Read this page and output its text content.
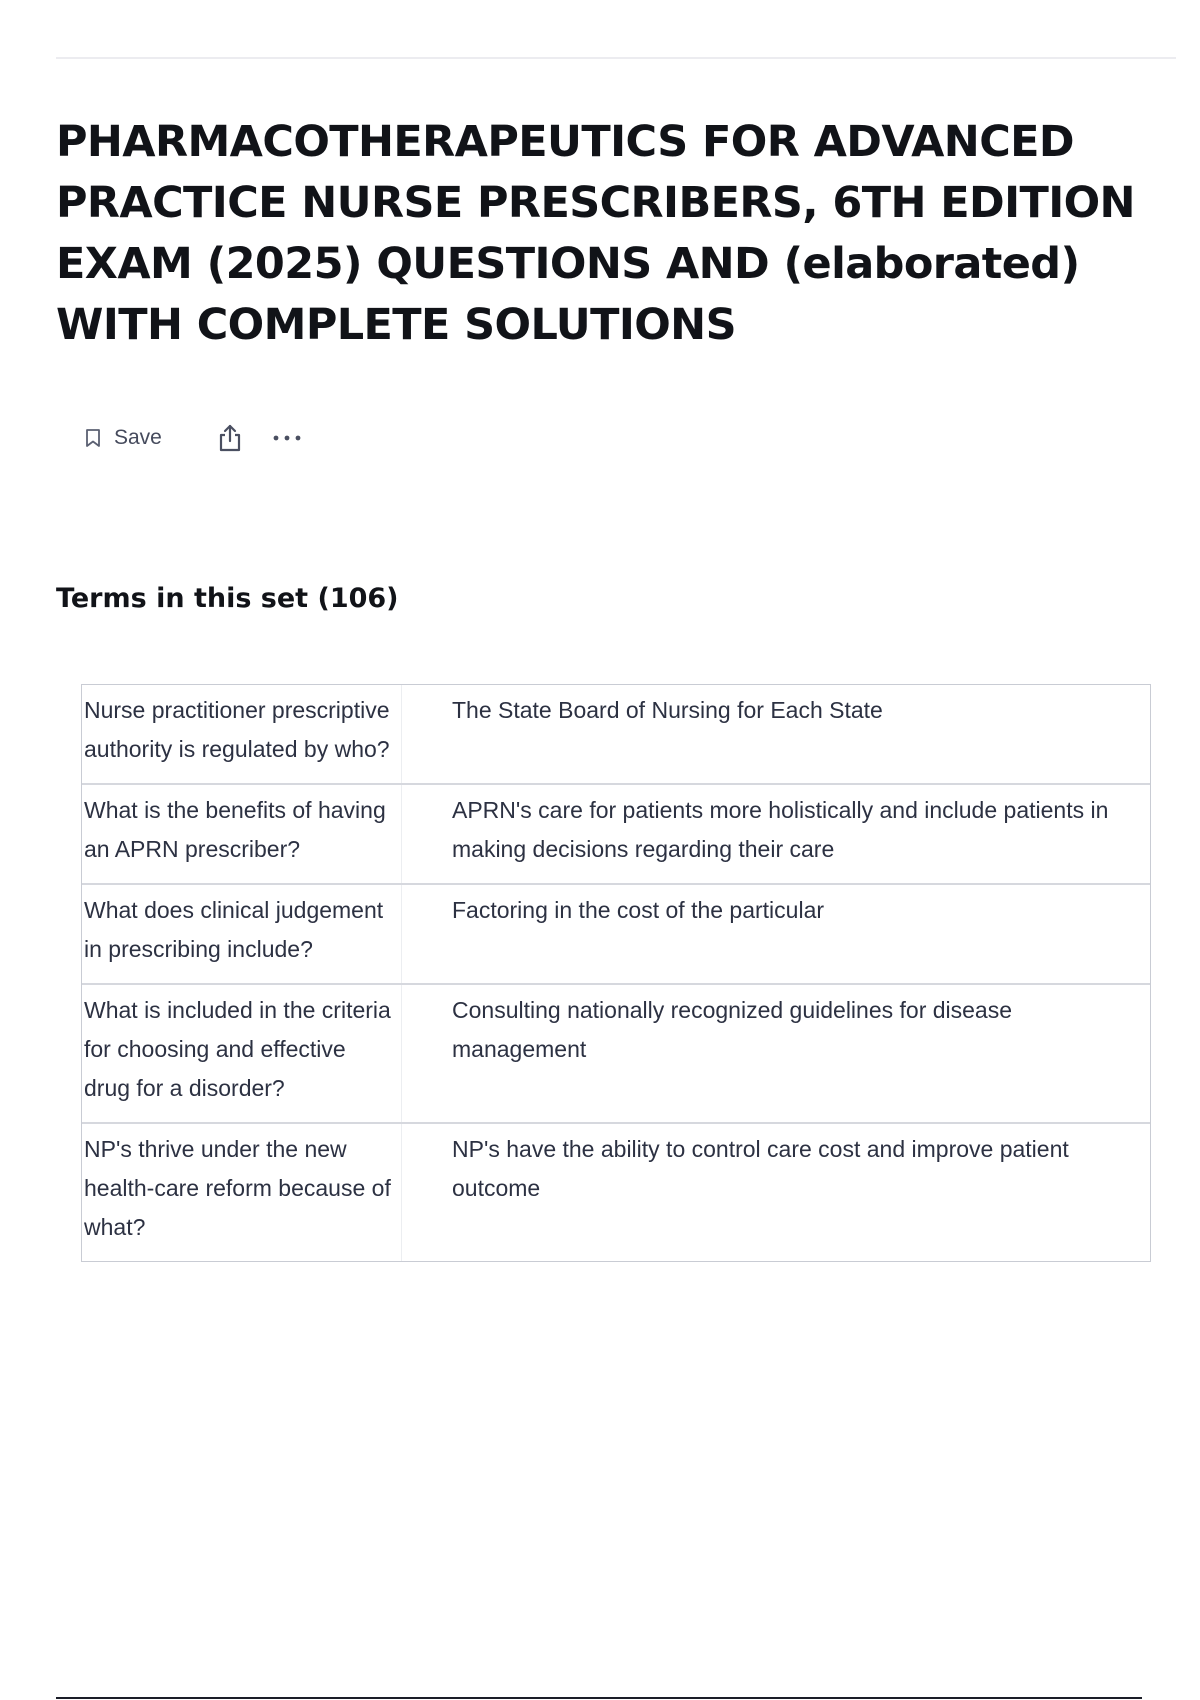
PHARMACOTHERAPEUTICS FOR ADVANCED PRACTICE NURSE PRESCRIBERS, 6TH EDITION EXAM (2025) QUESTIONS AND (elaborated) WITH COMPLETE SOLUTIONS
Save
Terms in this set (106)
Nurse practitioner prescriptive authority is regulated by who?
The State Board of Nursing for Each State
What is the benefits of having an APRN prescriber?
APRN's care for patients more holistically and include patients in making decisions regarding their care
What does clinical judgement in prescribing include?
Factoring in the cost of the particular
What is included in the criteria for choosing and effective drug for a disorder?
Consulting nationally recognized guidelines for disease management
NP's thrive under the new health-care reform because of what?
NP's have the ability to control care cost and improve patient outcome
